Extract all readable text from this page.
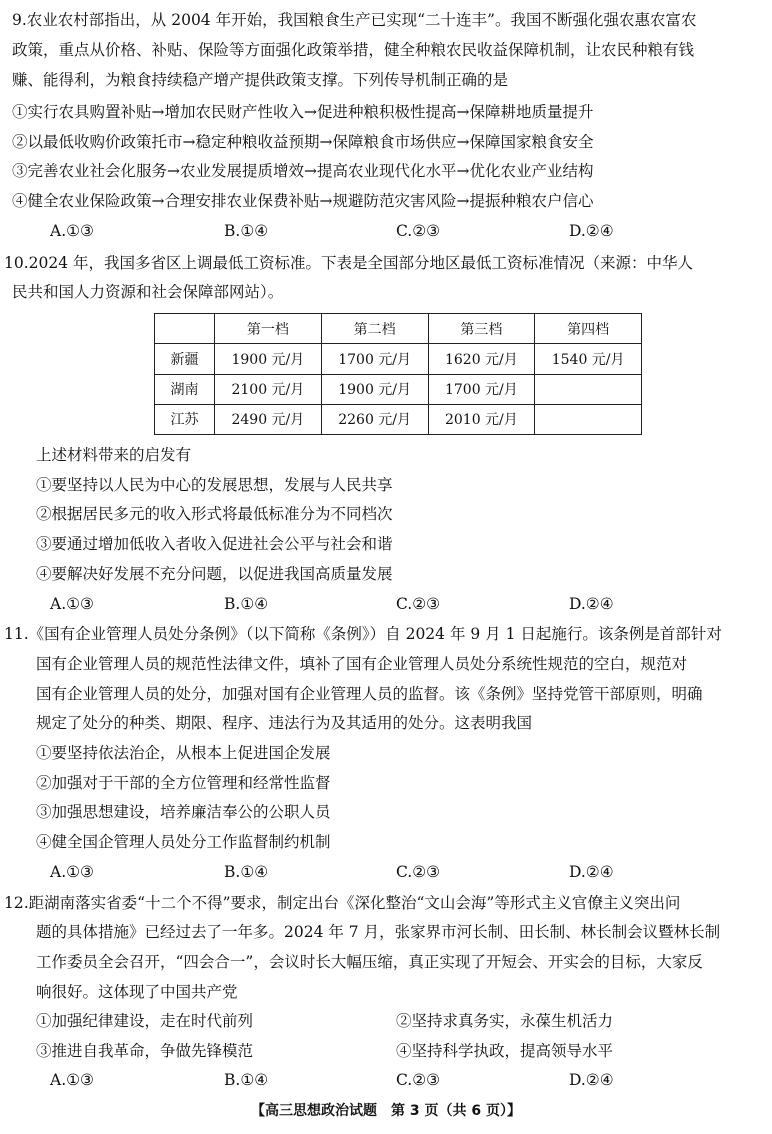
9.农业农村部指出，从 2004 年开始，我国粮食生产已实现“二十连丰”。我国不断强化强农惠农富农
政策，重点从价格、补贴、保险等方面强化政策举措，健全种粮农民收益保障机制，让农民种粮有钱
赚、能得利，为粮食持续稳产增产提供政策支撑。下列传导机制正确的是
①实行农具购置补贴→增加农民财产性收入→促进种粮积极性提高→保障耕地质量提升
②以最低收购价政策托市→稳定种粮收益预期→保障粮食市场供应→保障国家粮食安全
③完善农业社会化服务→农业发展提质增效→提高农业现代化水平→优化农业产业结构
④健全农业保险政策→合理安排农业保费补贴→规避防范灾害风险→提振种粮农户信心
A.①③	B.①④	C.②③	D.②④
10.2024 年，我国多省区上调最低工资标准。下表是全国部分地区最低工资标准情况（来源：中华人
民共和国人力资源和社会保障部网站）。
	第一档	第二档	第三档	第四档
新疆	1900 元/月	1700 元/月	1620 元/月	1540 元/月
湖南	2100 元/月	1900 元/月	1700 元/月	
江苏	2490 元/月	2260 元/月	2010 元/月	
上述材料带来的启发有
①要坚持以人民为中心的发展思想，发展与人民共享
②根据居民多元的收入形式将最低标准分为不同档次
③要通过增加低收入者收入促进社会公平与社会和谐
④要解决好发展不充分问题，以促进我国高质量发展
A.①③	B.①④	C.②③	D.②④
11.《国有企业管理人员处分条例》（以下简称《条例》）自 2024 年 9 月 1 日起施行。该条例是首部针对
国有企业管理人员的规范性法律文件，填补了国有企业管理人员处分系统性规范的空白，规范对
国有企业管理人员的处分，加强对国有企业管理人员的监督。该《条例》坚持党管干部原则，明确
规定了处分的种类、期限、程序、违法行为及其适用的处分。这表明我国
①要坚持依法治企，从根本上促进国企发展
②加强对于干部的全方位管理和经常性监督
③加强思想建设，培养廉洁奉公的公职人员
④健全国企管理人员处分工作监督制约机制
A.①③	B.①④	C.②③	D.②④
12.距湖南落实省委“十二个不得”要求，制定出台《深化整治“文山会海”等形式主义官僚主义突出问
题的具体措施》已经过去了一年多。2024 年 7 月，张家界市河长制、田长制、林长制会议暨林长制
工作委员全会召开，“四会合一”，会议时长大幅压缩，真正实现了开短会、开实会的目标，大家反
响很好。这体现了中国共产党
①加强纪律建设，走在时代前列	②坚持求真务实，永葆生机活力
③推进自我革命，争做先锋模范	④坚持科学执政，提高领导水平
A.①③	B.①④	C.②③	D.②④
【高三思想政治试题　第 3 页（共 6 页）】
